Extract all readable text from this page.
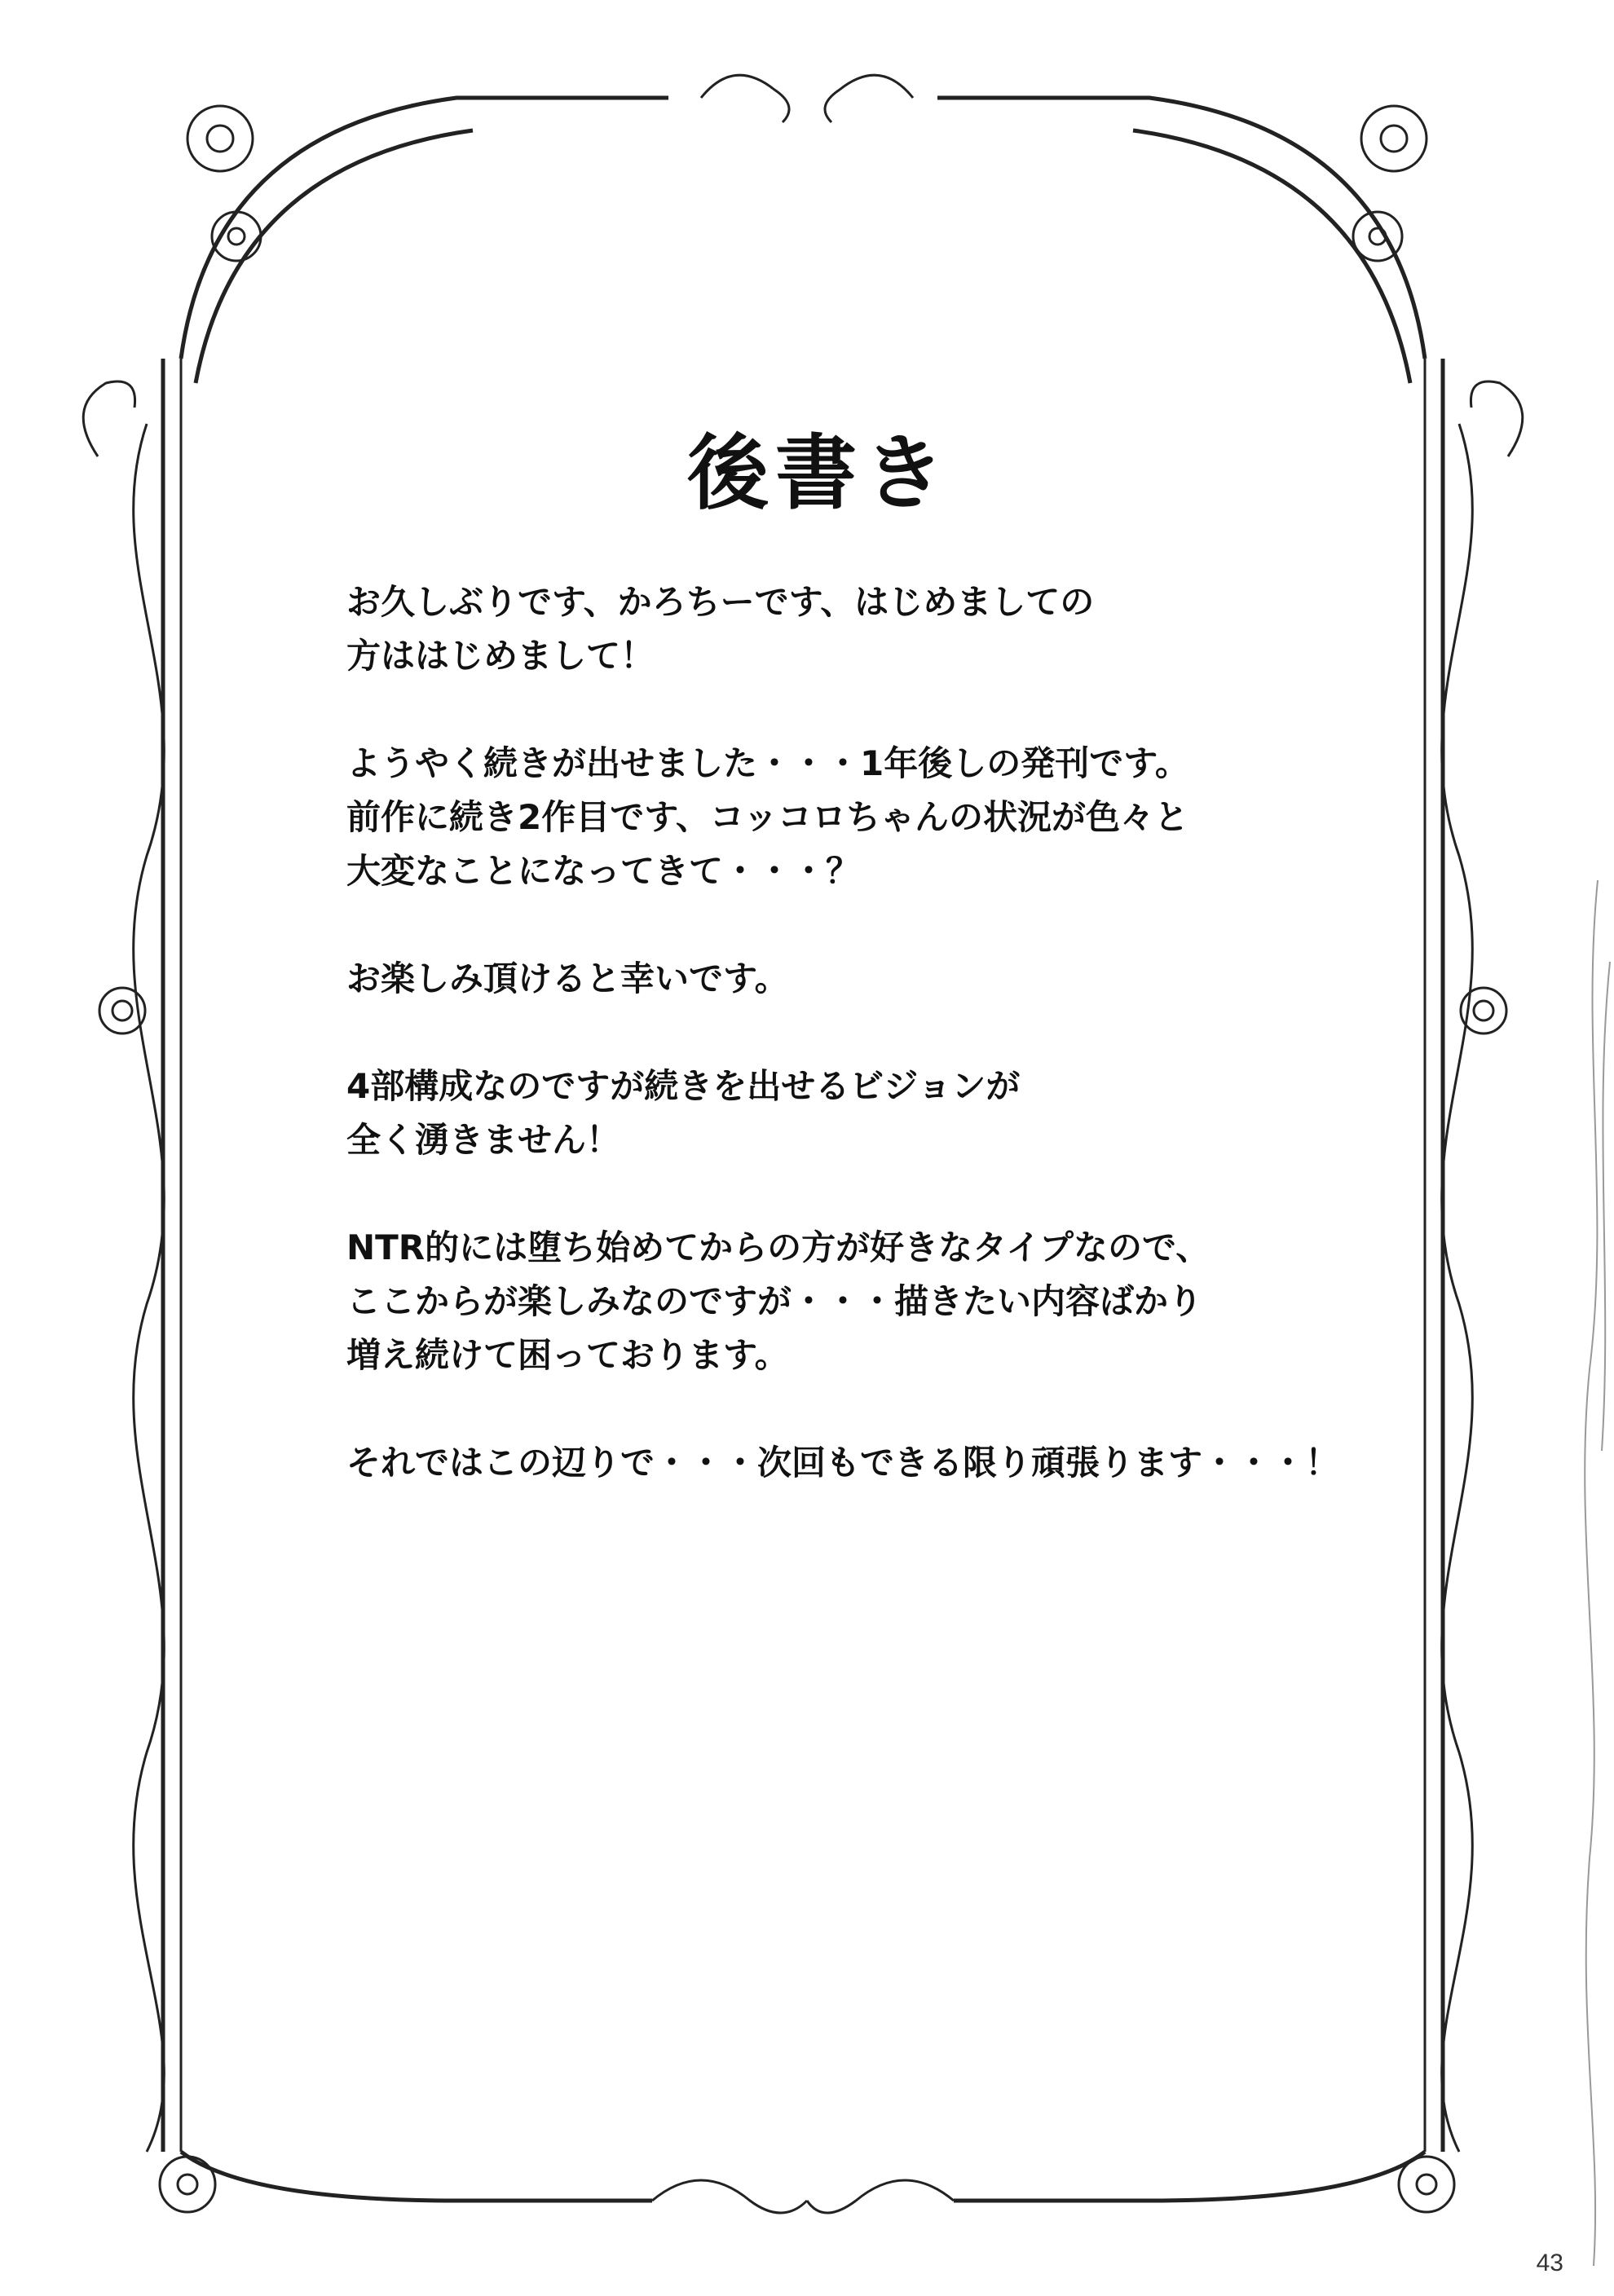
後書き

お久しぶりです、かろちーです、はじめましての
方ははじめまして！

ようやく続きが出せました・・・1年後しの発刊です。
前作に続き2作目です、コッコロちゃんの状況が色々と
大変なことになってきて・・・？

お楽しみ頂けると幸いです。

4部構成なのですが続きを出せるビジョンが
全く湧きません！

NTR的には堕ち始めてからの方が好きなタイプなので、
ここからが楽しみなのですが・・・描きたい内容ばかり
増え続けて困っております。

それではこの辺りで・・・次回もできる限り頑張ります・・・！

43
